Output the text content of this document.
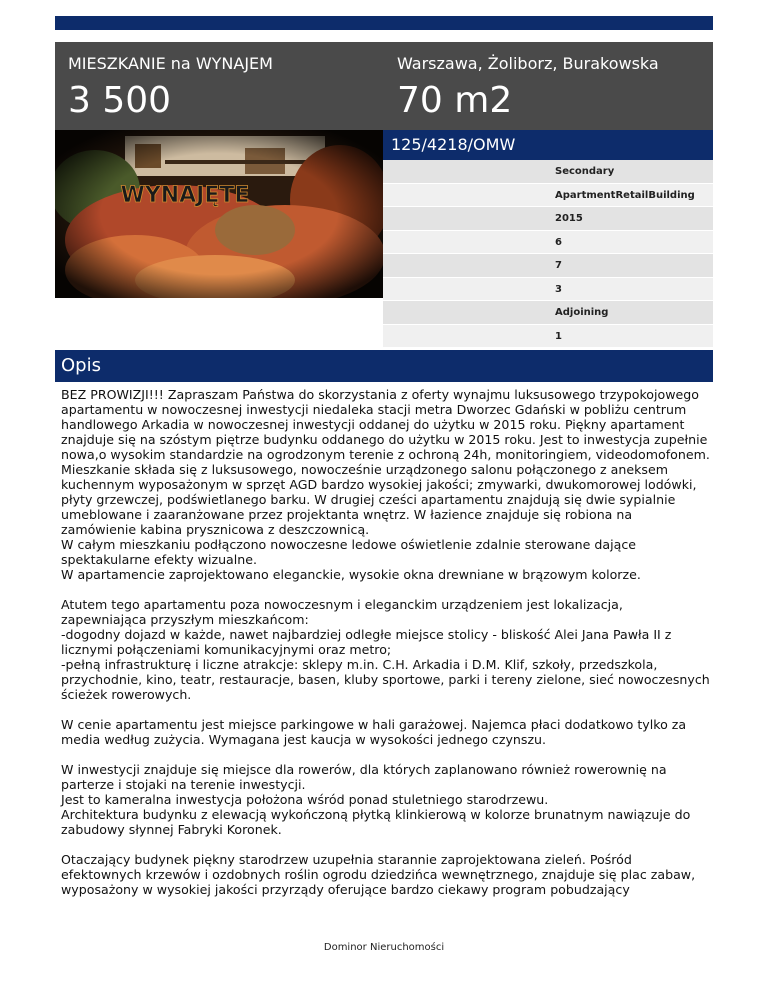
MIESZKANIE na WYNAJEM
3 500
Warszawa, Żoliborz, Burakowska
70 m2
WYNAJĘTE
125/4218/OMW
Secondary
ApartmentRetailBuilding
2015
6
7
3
Adjoining
1
Opis

BEZ PROWIZJI!!! Zapraszam Państwa do skorzystania z oferty wynajmu luksusowego trzypokojowego apartamentu w nowoczesnej inwestycji niedaleka stacji metra Dworzec Gdański w pobliżu centrum handlowego Arkadia w nowoczesnej inwestycji oddanej do użytku w 2015 roku. Piękny apartament znajduje się na szóstym piętrze budynku oddanego do użytku w 2015 roku. Jest to inwestycja zupełnie nowa,o wysokim standardzie na ogrodzonym terenie z ochroną 24h, monitoringiem, videodomofonem.
Mieszkanie składa się z luksusowego, nowocześnie urządzonego salonu połączonego z aneksem kuchennym wyposażonym w sprzęt AGD bardzo wysokiej jakości; zmywarki, dwukomorowej lodówki, płyty grzewczej, podświetlanego barku. W drugiej cześci apartamentu znajdują się dwie sypialnie umeblowane i zaaranżowane przez projektanta wnętrz. W łazience znajduje się robiona na zamówienie kabina prysznicowa z deszczownicą.
W całym mieszkaniu podłączono nowoczesne ledowe oświetlenie zdalnie sterowane dające spektakularne efekty wizualne.
W apartamencie zaprojektowano eleganckie, wysokie okna drewniane w brązowym kolorze.

Atutem tego apartamentu poza nowoczesnym i eleganckim urządzeniem jest lokalizacja, zapewniająca przyszłym mieszkańcom:
-dogodny dojazd w każde, nawet najbardziej odległe miejsce stolicy - bliskość Alei Jana Pawła II z licznymi połączeniami komunikacyjnymi oraz metro;
-pełną infrastrukturę i liczne atrakcje: sklepy m.in. C.H. Arkadia i D.M. Klif, szkoły, przedszkola, przychodnie, kino, teatr, restauracje, basen, kluby sportowe, parki i tereny zielone, sieć nowoczesnych ścieżek rowerowych.

W cenie apartamentu jest miejsce parkingowe w hali garażowej. Najemca płaci dodatkowo tylko za media według zużycia. Wymagana jest kaucja w wysokości jednego czynszu.

W inwestycji znajduje się miejsce dla rowerów, dla których zaplanowano również rowerownię na parterze i stojaki na terenie inwestycji.
Jest to kameralna inwestycja położona wśród ponad stuletniego starodrzewu.
Architektura budynku z elewacją wykończoną płytką klinkierową w kolorze brunatnym nawiązuje do zabudowy słynnej Fabryki Koronek.

Otaczający budynek piękny starodrzew uzupełnia starannie zaprojektowana zieleń. Pośród efektownych krzewów i ozdobnych roślin ogrodu dziedzińca wewnętrznego, znajduje się plac zabaw, wyposażony w wysokiej jakości przyrządy oferujące bardzo ciekawy program pobudzający

Dominor Nieruchomości
